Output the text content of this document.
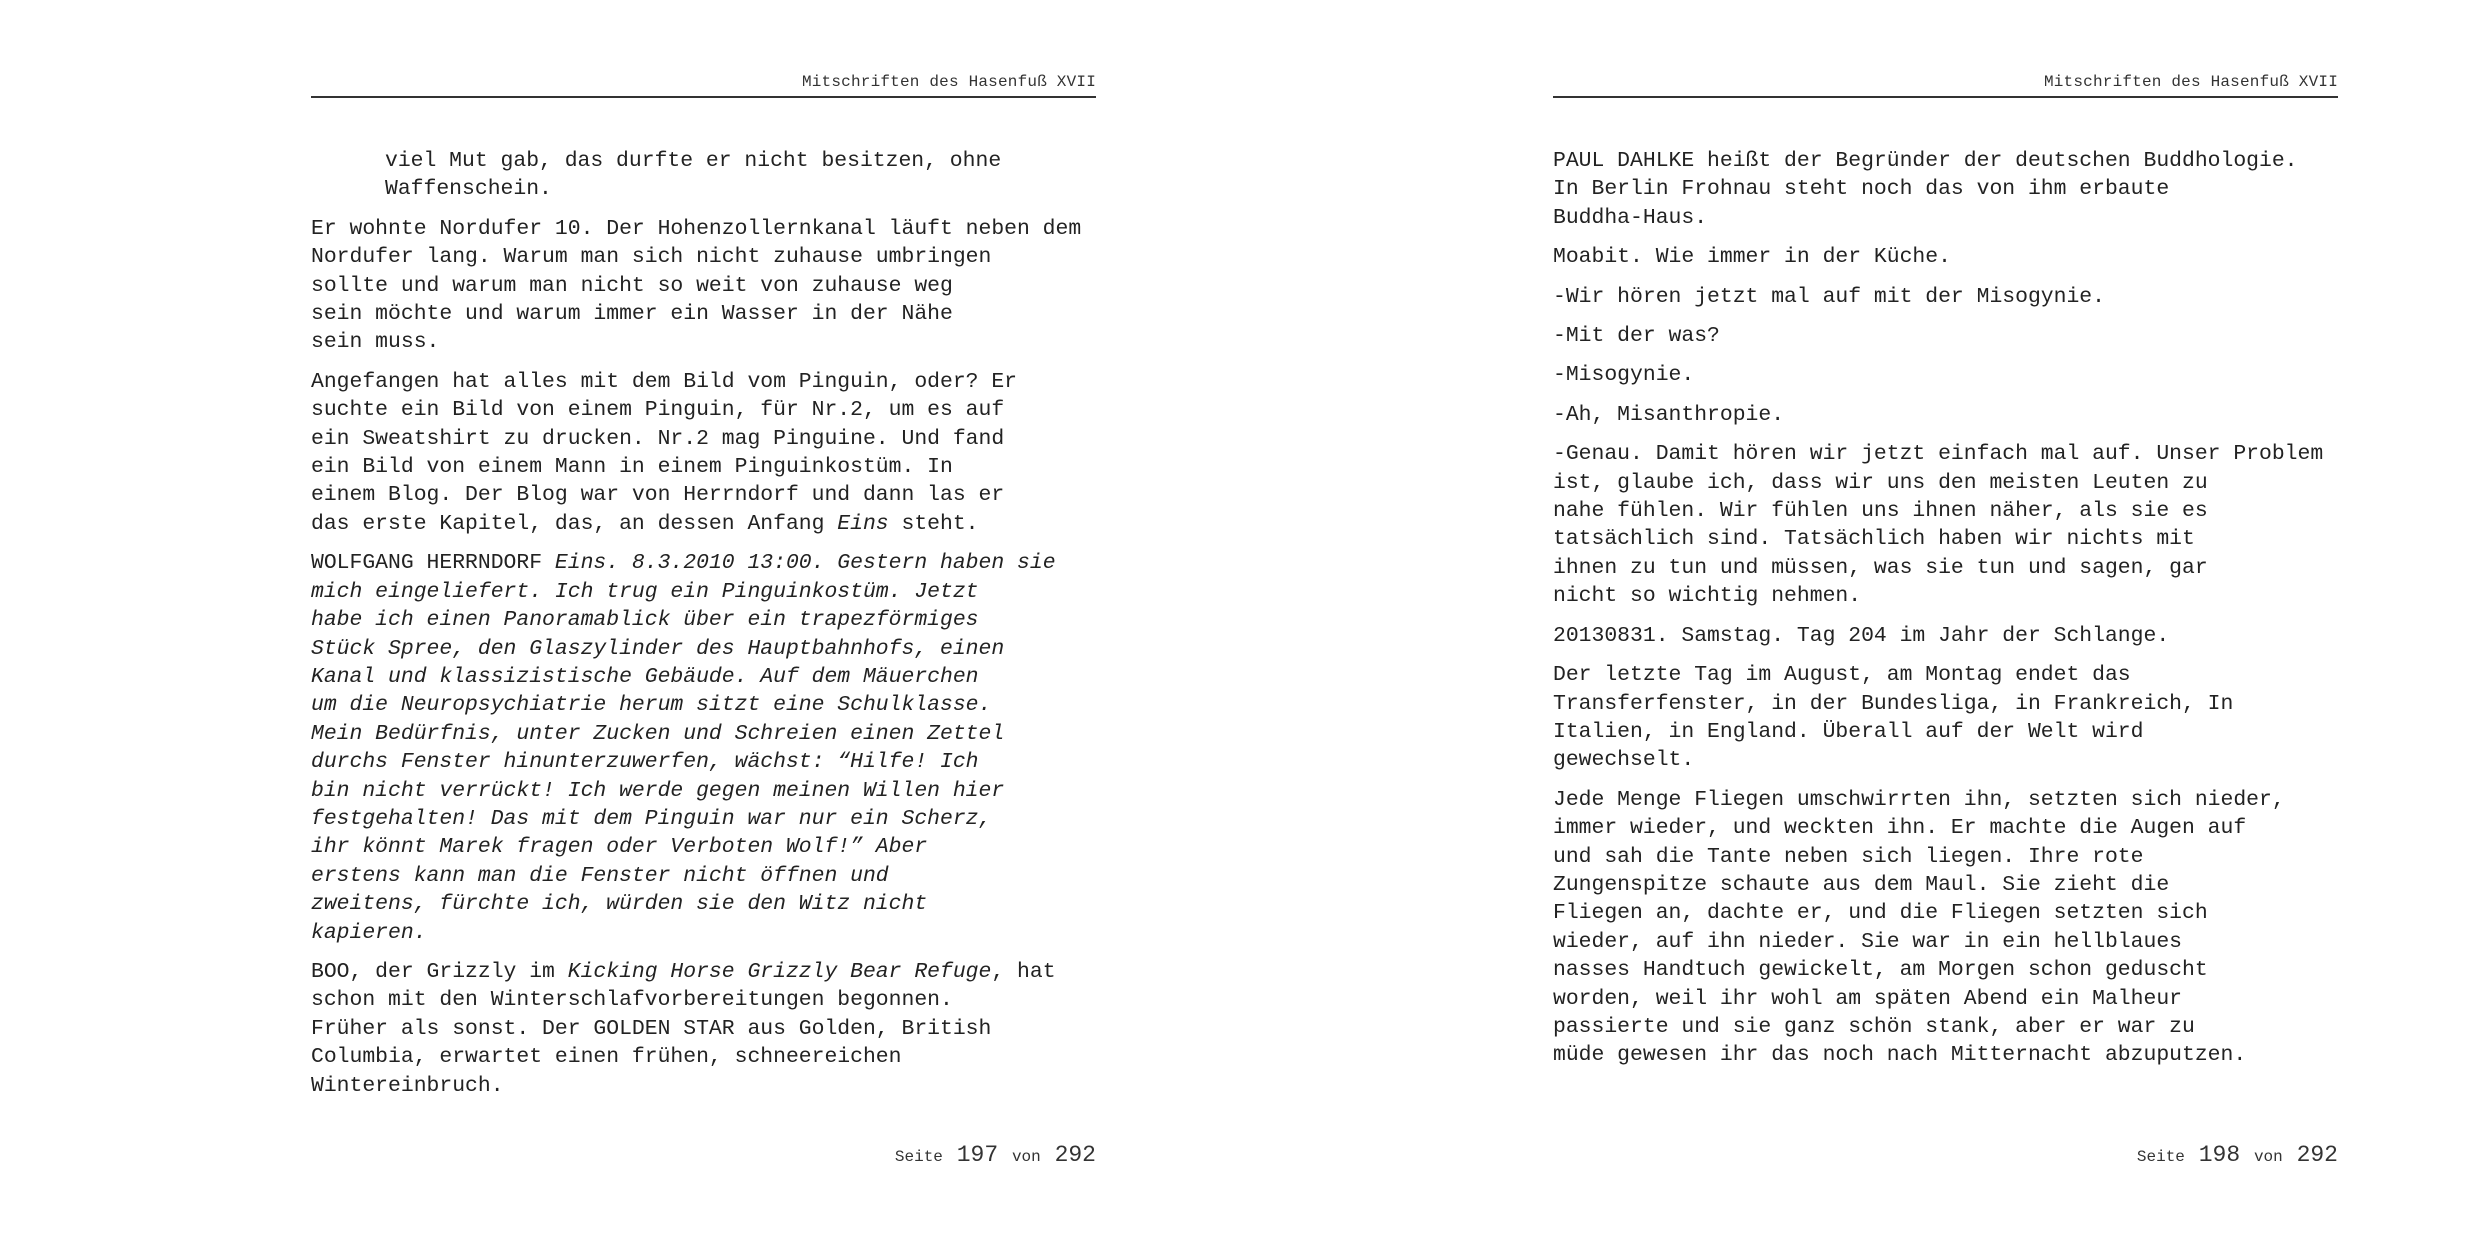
Mitschriften des Hasenfuß XVII
viel Mut gab, das durfte er nicht besitzen, ohne
Waffenschein.
Er wohnte Nordufer 10. Der Hohenzollernkanal läuft neben dem
Nordufer lang. Warum man sich nicht zuhause umbringen
sollte und warum man nicht so weit von zuhause weg
sein möchte und warum immer ein Wasser in der Nähe
sein muss.
Angefangen hat alles mit dem Bild vom Pinguin, oder? Er
suchte ein Bild von einem Pinguin, für Nr.2, um es auf
ein Sweatshirt zu drucken. Nr.2 mag Pinguine. Und fand
ein Bild von einem Mann in einem Pinguinkostüm. In
einem Blog. Der Blog war von Herrndorf und dann las er
das erste Kapitel, das, an dessen Anfang Eins steht.
WOLFGANG HERRNDORF Eins. 8.3.2010 13:00. Gestern haben sie
mich eingeliefert. Ich trug ein Pinguinkostüm. Jetzt
habe ich einen Panoramablick über ein trapezförmiges
Stück Spree, den Glaszylinder des Hauptbahnhofs, einen
Kanal und klassizistische Gebäude. Auf dem Mäuerchen
um die Neuropsychiatrie herum sitzt eine Schulklasse.
Mein Bedürfnis, unter Zucken und Schreien einen Zettel
durchs Fenster hinunterzuwerfen, wächst: “Hilfe! Ich
bin nicht verrückt! Ich werde gegen meinen Willen hier
festgehalten! Das mit dem Pinguin war nur ein Scherz,
ihr könnt Marek fragen oder Verboten Wolf!” Aber
erstens kann man die Fenster nicht öffnen und
zweitens, fürchte ich, würden sie den Witz nicht
kapieren.
BOO, der Grizzly im Kicking Horse Grizzly Bear Refuge, hat
schon mit den Winterschlafvorbereitungen begonnen.
Früher als sonst. Der GOLDEN STAR aus Golden, British
Columbia, erwartet einen frühen, schneereichen
Wintereinbruch.
Seite 197 von 292
Mitschriften des Hasenfuß XVII
PAUL DAHLKE heißt der Begründer der deutschen Buddhologie.
In Berlin Frohnau steht noch das von ihm erbaute
Buddha-Haus.
Moabit. Wie immer in der Küche.
-Wir hören jetzt mal auf mit der Misogynie.
-Mit der was?
-Misogynie.
-Ah, Misanthropie.
-Genau. Damit hören wir jetzt einfach mal auf. Unser Problem
ist, glaube ich, dass wir uns den meisten Leuten zu
nahe fühlen. Wir fühlen uns ihnen näher, als sie es
tatsächlich sind. Tatsächlich haben wir nichts mit
ihnen zu tun und müssen, was sie tun und sagen, gar
nicht so wichtig nehmen.
20130831. Samstag. Tag 204 im Jahr der Schlange.
Der letzte Tag im August, am Montag endet das
Transferfenster, in der Bundesliga, in Frankreich, In
Italien, in England. Überall auf der Welt wird
gewechselt.
Jede Menge Fliegen umschwirrten ihn, setzten sich nieder,
immer wieder, und weckten ihn. Er machte die Augen auf
und sah die Tante neben sich liegen. Ihre rote
Zungenspitze schaute aus dem Maul. Sie zieht die
Fliegen an, dachte er, und die Fliegen setzten sich
wieder, auf ihn nieder. Sie war in ein hellblaues
nasses Handtuch gewickelt, am Morgen schon geduscht
worden, weil ihr wohl am späten Abend ein Malheur
passierte und sie ganz schön stank, aber er war zu
müde gewesen ihr das noch nach Mitternacht abzuputzen.
Seite 198 von 292
